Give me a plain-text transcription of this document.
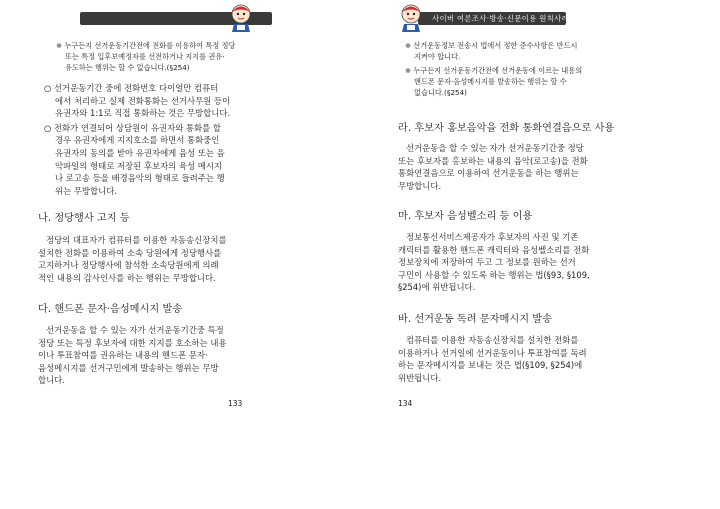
사이버 여론조사·방송·신문이용 원칙사례
※ 누구든지 선거운동기간전에 전화를 이용하여 특정 정당
또는 특정 입후보예정자를 선전하거나 지지를 권유·
유도하는 행위는 할 수 없습니다.(§254)
○ 선거운동기간 중에 전화번호 다이얼만 컴퓨터
에서 처리하고 실제 전화통화는 선거사무원 등이
유권자와 1:1로 직접 통화하는 것은 무방합니다.
○ 전화가 연결되어 상담원이 유권자와 통화를 할
경우 유권자에게 지지호소를 하면서 통화중인
유권자의 동의를 받아 유권자에게 음성 또는 음
악파일의 형태로 저장된 후보자의 육성 메시지
나 로고송 등을 배경음악의 형태로 들려주는 행
위는 무방합니다.
나. 정당행사 고지 등
정당의 대표자가 컴퓨터를 이용한 자동송신장치를
설치한 전화를 이용하여 소속 당원에게 정당행사를
고지하거나 정당행사에 참석한 소속당원에게 의례
적인 내용의 감사인사를 하는 행위는 무방합니다.
다. 핸드폰 문자·음성메시지 발송
선거운동을 할 수 있는 자가 선거운동기간중 특정
정당 또는 특정 후보자에 대한 지지를 호소하는 내용
이나 투표참여를 권유하는 내용의 핸드폰 문자·
음성메시지를 선거구민에게 발송하는 행위는 무방
합니다.
133
사이버 여론조사·방송·신문이용 원칙사례
※ 선거운동정보 전송시 법에서 정한 준수사항은 반드시
지켜야 합니다.
※ 누구든지 선거운동기간전에 선거운동에 이르는 내용의
핸드폰 문자·음성메시지를 발송하는 행위는 할 수
없습니다.(§254)
라. 후보자 홍보음악을 전화 통화연결음으로 사용
선거운동을 할 수 있는 자가 선거운동기간중 정당
또는 후보자를 홍보하는 내용의 음악(로고송)을 전화
통화연결음으로 이용하여 선거운동을 하는 행위는
무방합니다.
마. 후보자 음성벨소리 등 이용
정보통신서비스제공자가 후보자의 사진 및 기존
캐릭터를 활용한 핸드폰 캐릭터와 음성벨소리를 전화
정보장치에 저장하여 두고 그 정보를 원하는 선거
구민이 사용할 수 있도록 하는 행위는 법(§93, §109,
§254)에 위반됩니다.
바. 선거운동 독려 문자메시지 발송
컴퓨터를 이용한 자동송신장치를 설치한 전화를
이용하거나 선거일에 선거운동이나 투표참여를 독려
하는 문자메시지를 보내는 것은 법(§109, §254)에
위반됩니다.
134
